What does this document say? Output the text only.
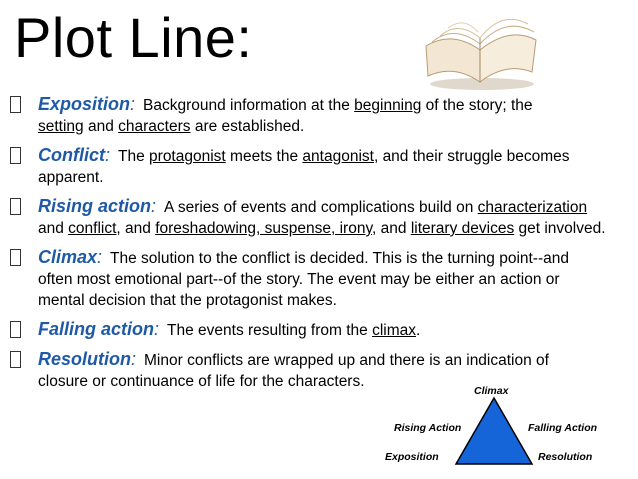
Plot Line:
Exposition: Background information at the beginning of the story; the
setting and characters are established.
Conflict: The protagonist meets the antagonist, and their struggle becomes
apparent.
Rising action: A series of events and complications build on characterization
and conflict, and foreshadowing, suspense, irony, and literary devices get involved.
Climax: The solution to the conflict is decided. This is the turning point--and
often most emotional part--of the story. The event may be either an action or
mental decision that the protagonist makes.
Falling action: The events resulting from the climax.
Resolution: Minor conflicts are wrapped up and there is an indication of
closure or continuance of life for the characters.
Climax
Rising Action	Falling Action
Exposition	Resolution
